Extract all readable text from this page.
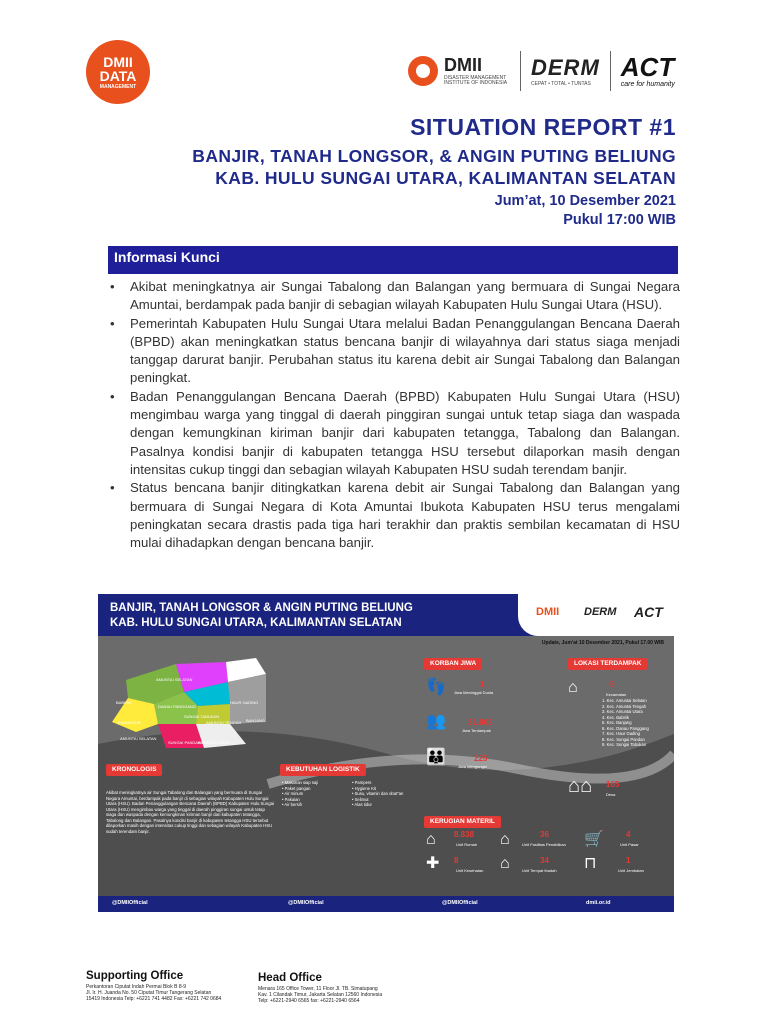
DMII
DATA
MANAGEMENT
DMII
DISASTER MANAGEMENT INSTITUTE OF INDONESIA
DERM
CEPAT • TOTAL • TUNTAS
ACT
care for humanity
SITUATION REPORT #1
BANJIR, TANAH LONGSOR, & ANGIN PUTING BELIUNG
KAB. HULU SUNGAI UTARA, KALIMANTAN SELATAN
Jum’at, 10 Desember 2021
Pukul 17:00 WIB
Informasi Kunci
• Akibat meningkatnya air Sungai Tabalong dan Balangan yang bermuara di Sungai Negara Amuntai, berdampak pada banjir di sebagian wilayah Kabupaten Hulu Sungai Utara (HSU).
• Pemerintah Kabupaten Hulu Sungai Utara melalui Badan Penanggulangan Bencana Daerah (BPBD) akan meningkatkan status bencana banjir di wilayahnya dari status siaga menjadi tanggap darurat banjir. Perubahan status itu karena debit air Sungai Tabalong dan Balangan peningkat.
• Badan Penanggulangan Bencana Daerah (BPBD) Kabupaten Hulu Sungai Utara (HSU) mengimbau warga yang tinggal di daerah pinggiran sungai untuk tetap siaga dan waspada dengan kemungkinan kiriman banjir dari kabupaten tetangga, Tabalong dan Balangan. Pasalnya kondisi banjir di kabupaten tetangga HSU tersebut dilaporkan masih dengan intensitas cukup tinggi dan sebagian wilayah Kabupaten HSU sudah terendam banjir.
• Status bencana banjir ditingkatkan karena debit air Sungai Tabalong dan Balangan yang bermuara di Sungai Negara di Kota Amuntai Ibukota Kabupaten HSU terus mengalami peningkatan secara drastis pada tiga hari terakhir dan praktis sembilan kecamatan di HSU mulai dihadapkan dengan bencana banjir.
BANJIR, TANAH LONGSOR & ANGIN PUTING BELIUNG
KAB. HULU SUNGAI UTARA, KALIMANTAN SELATAN
DMII DERM ACT
Update, Jum'at 10 Desember 2021, Pukul 17.00 WIB
AMUNTAI SELATAN
BABIRIK
DANAU PANGGANG
PAMINGGIR
HAUR GADING
SUNGAI TABUKAN
AMUNTAI TENGAH
AMUNTAI UTARA
BANJANG
SUNGAI PANDAN
AMUNTAI SELATAN
KORBAN JIWA
👣	1
Jiwa Meninggal Dunia
👥	31.803
Jiwa Terdampak
👪	225
Jiwa Mengungsi
LOKASI TERDAMPAK
⌂	9
Kecamatan
1. Kec. Amuntai Selatan
2. Kec. Amuntai Tengah
3. Kec. Amuntai Utara
4. Kec. Babirik
5. Kec. Banjang
6. Kec. Danau Panggang
7. Kec. Haur Gading
8. Kec. Sungai Pandan
9. Kec. Sungai Tabukan
⌂⌂ 165
Desa
KRONOLOGIS
Akibat meningkatnya air Sungai Tabalong dan Balangan yang bermuara di Sungai Negara Amuntai, berdampak pada banjir di sebagian wilayah Kabupaten Hulu Sungai Utara (HSU). Badan Penanggulangan Bencana Daerah (BPBD) Kabupaten Hulu Sungai Utara (HSU) mengimbau warga yang tinggal di daerah pinggiran sungai untuk tetap siaga dan waspada dengan kemungkinan kiriman banjir dari kabupaten tetangga, Tabalong dan Balangan. Pasalnya kondisi banjir di kabupaten tetangga HSU tersebut dilaporkan masih dengan intensitas cukup tinggi dan sebagian wilayah Kabupaten HSU sudah terendam banjir.
KEBUTUHAN LOGISTIK
• Makanan siap saji
• Paket pangan
• Air minum
• Pakaian
• Air bersih
• Pampers
• Hygiene Kit
• Susu, vitamin dan obat"an
• Selimut
• Alas tidur
KERUGIAN MATERIL
⌂ 8.838
Unit Rumah ⌂	36
Unit Fasilitas Pendidikan 🛒	4
Unit Pasar
✚ 8
Unit Kesehatan ⌂	34
Unit Tempat Ibadah ⊓	1
Unit Jembatan
@DMIIOfficial	@DMIIOfficial	@DMIIOfficial	dmii.or.id
Supporting Office
Perkantoran Ciputat Indah Permai Blok B 8-9
Jl. Ir. H. Juanda No. 50 Ciputat Timur Tangerang Selatan
15419 Indonesia Telp: +6221 741 4482 Fax: +6221 742 0684
Head Office
Menara 165 Office Tower, 11 Floor Jl. TB. Simatupang
Kav. 1 Cilandak Timur, Jakarta Selatan 12560 Indonesia
Telp: +6221-2940 6565 fax: +6221-2940 6564
